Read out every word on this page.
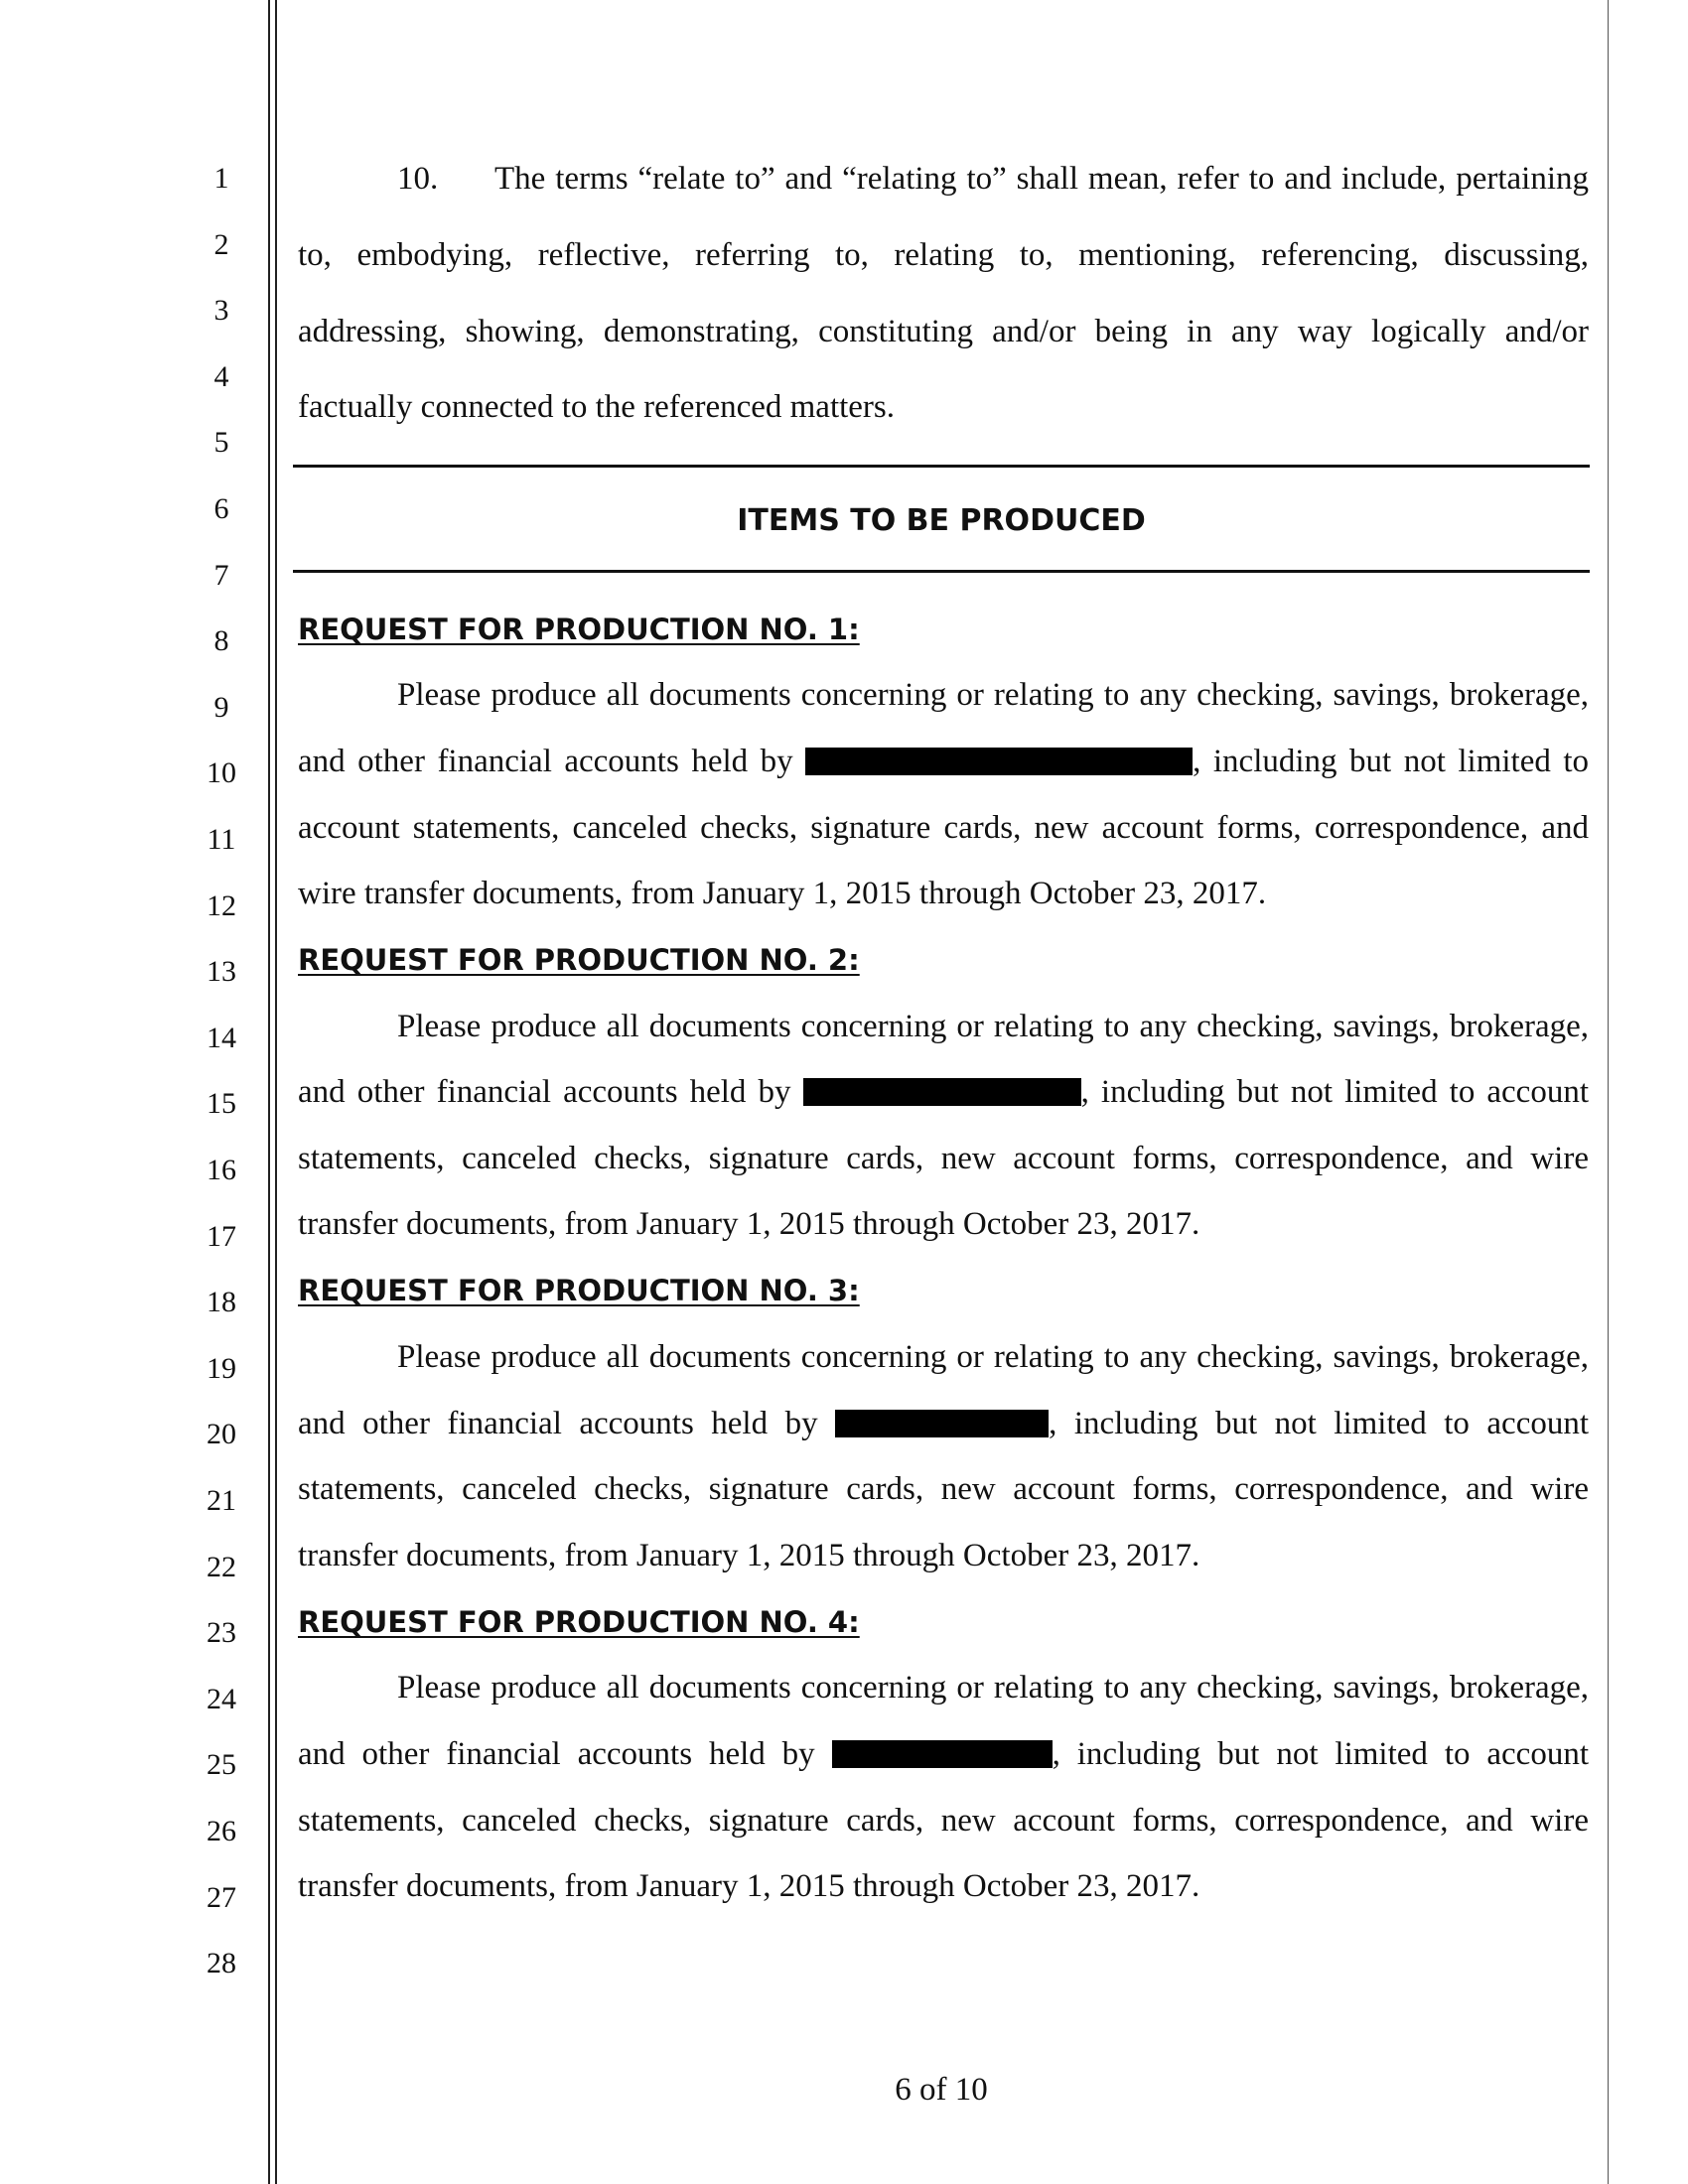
1
2
3
4
5
6
7
8
9
10
11
12
13
14
15
16
17
18
19
20
21
22
23
24
25
26
27
28
10. The terms “relate to” and “relating to” shall mean, refer to and include, pertaining
to, embodying, reflective, referring to, relating to, mentioning, referencing, discussing,
addressing, showing, demonstrating, constituting and/or being in any way logically and/or
factually connected to the referenced matters.
ITEMS TO BE PRODUCED
REQUEST FOR PRODUCTION NO. 1:
Please produce all documents concerning or relating to any checking, savings, brokerage,
and other financial accounts held by	, including but not limited to
account statements, canceled checks, signature cards, new account forms, correspondence, and
wire transfer documents, from January 1, 2015 through October 23, 2017.
REQUEST FOR PRODUCTION NO. 2:
Please produce all documents concerning or relating to any checking, savings, brokerage,
and other financial accounts held by	, including but not limited to account
statements, canceled checks, signature cards, new account forms, correspondence, and wire
transfer documents, from January 1, 2015 through October 23, 2017.
REQUEST FOR PRODUCTION NO. 3:
Please produce all documents concerning or relating to any checking, savings, brokerage,
and other financial accounts held by	, including but not limited to account
statements, canceled checks, signature cards, new account forms, correspondence, and wire
transfer documents, from January 1, 2015 through October 23, 2017.
REQUEST FOR PRODUCTION NO. 4:
Please produce all documents concerning or relating to any checking, savings, brokerage,
and other financial accounts held by	, including but not limited to account
statements, canceled checks, signature cards, new account forms, correspondence, and wire
transfer documents, from January 1, 2015 through October 23, 2017.
6 of 10
